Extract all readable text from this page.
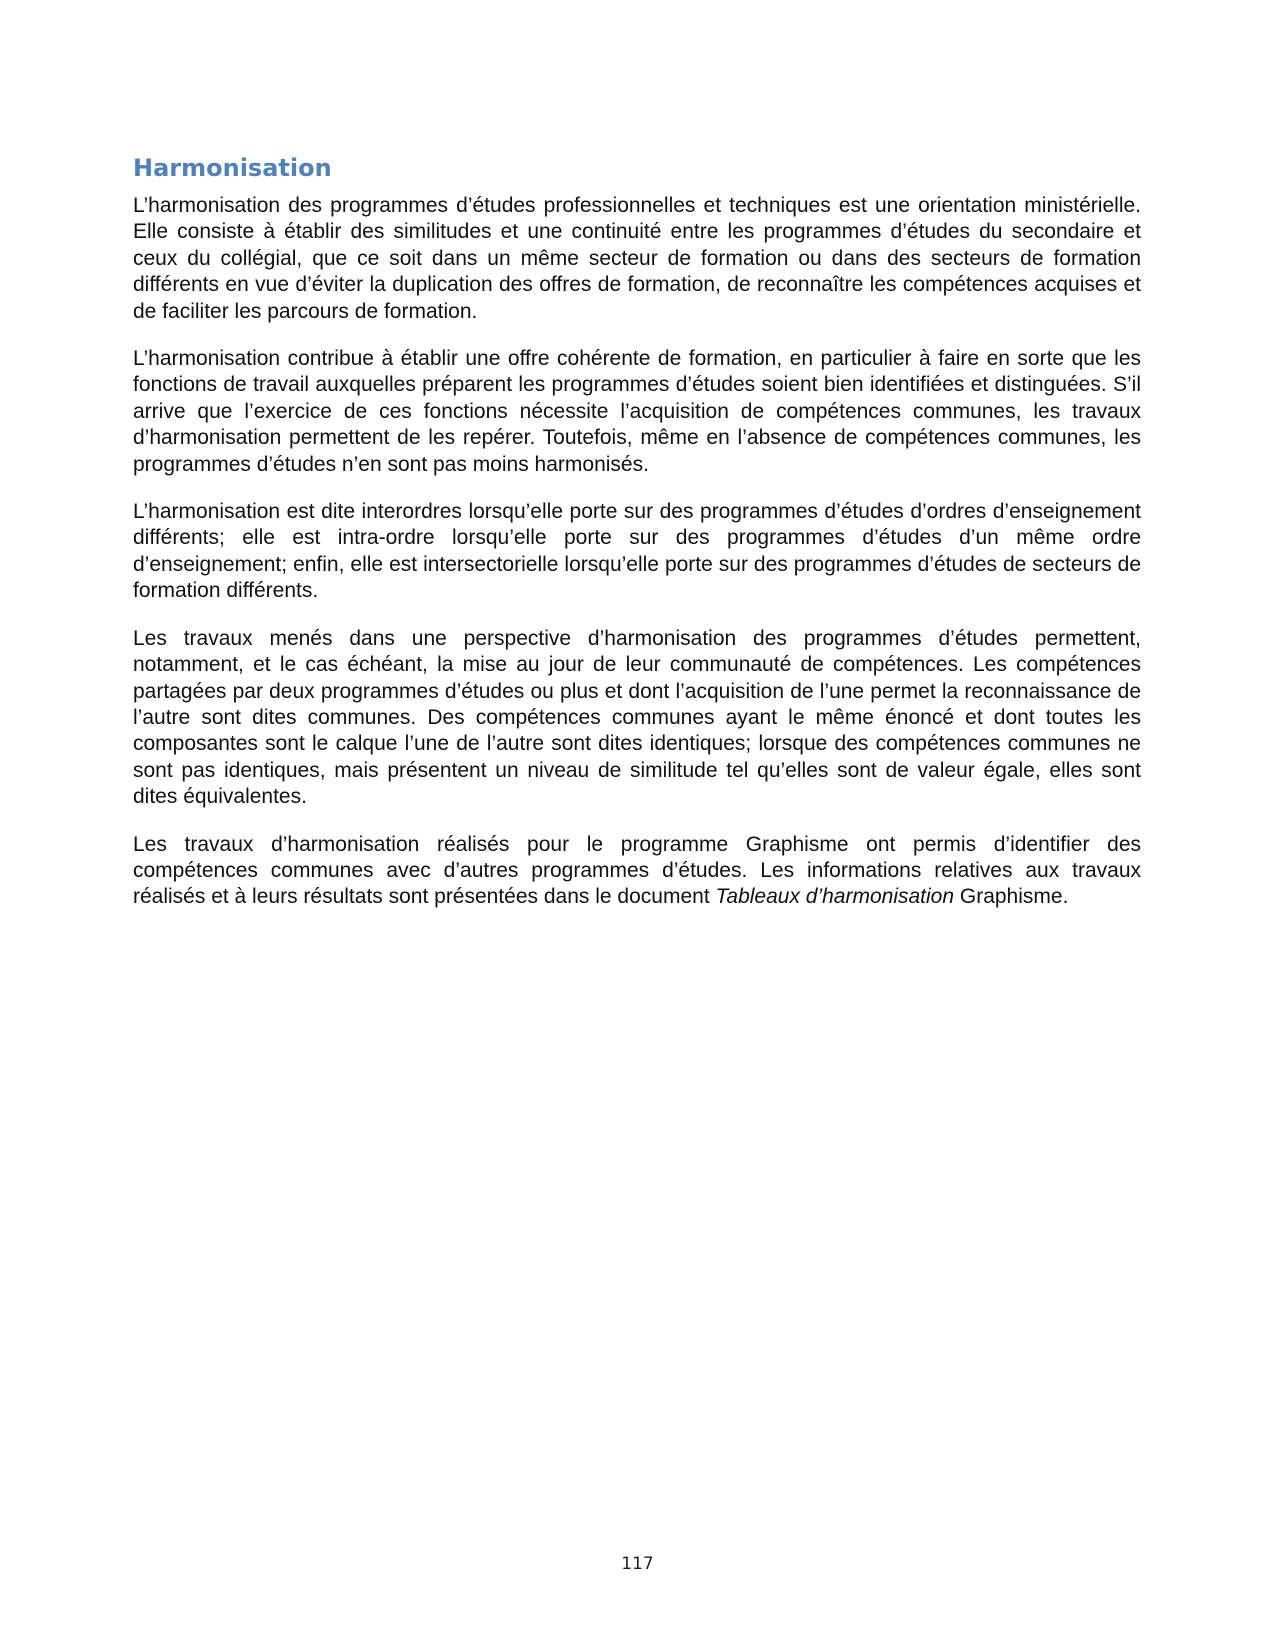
Harmonisation

L’harmonisation des programmes d’études professionnelles et techniques est une orientation ministérielle. Elle consiste à établir des similitudes et une continuité entre les programmes d’études du secondaire et ceux du collégial, que ce soit dans un même secteur de formation ou dans des secteurs de formation différents en vue d’éviter la duplication des offres de formation, de reconnaître les compétences acquises et de faciliter les parcours de formation.

L’harmonisation contribue à établir une offre cohérente de formation, en particulier à faire en sorte que les fonctions de travail auxquelles préparent les programmes d’études soient bien identifiées et distinguées. S’il arrive que l’exercice de ces fonctions nécessite l’acquisition de compétences communes, les travaux d’harmonisation permettent de les repérer. Toutefois, même en l’absence de compétences communes, les programmes d’études n’en sont pas moins harmonisés.

L’harmonisation est dite interordres lorsqu’elle porte sur des programmes d’études d’ordres d’enseignement différents; elle est intra-ordre lorsqu’elle porte sur des programmes d’études d’un même ordre d’enseignement; enfin, elle est intersectorielle lorsqu’elle porte sur des programmes d’études de secteurs de formation différents.

Les travaux menés dans une perspective d’harmonisation des programmes d’études permettent, notamment, et le cas échéant, la mise au jour de leur communauté de compétences. Les compétences partagées par deux programmes d’études ou plus et dont l’acquisition de l’une permet la reconnaissance de l’autre sont dites communes. Des compétences communes ayant le même énoncé et dont toutes les composantes sont le calque l’une de l’autre sont dites identiques; lorsque des compétences communes ne sont pas identiques, mais présentent un niveau de similitude tel qu’elles sont de valeur égale, elles sont dites équivalentes.

Les travaux d’harmonisation réalisés pour le programme Graphisme ont permis d’identifier des compétences communes avec d’autres programmes d’études. Les informations relatives aux travaux réalisés et à leurs résultats sont présentées dans le document Tableaux d’harmonisation Graphisme.

117
